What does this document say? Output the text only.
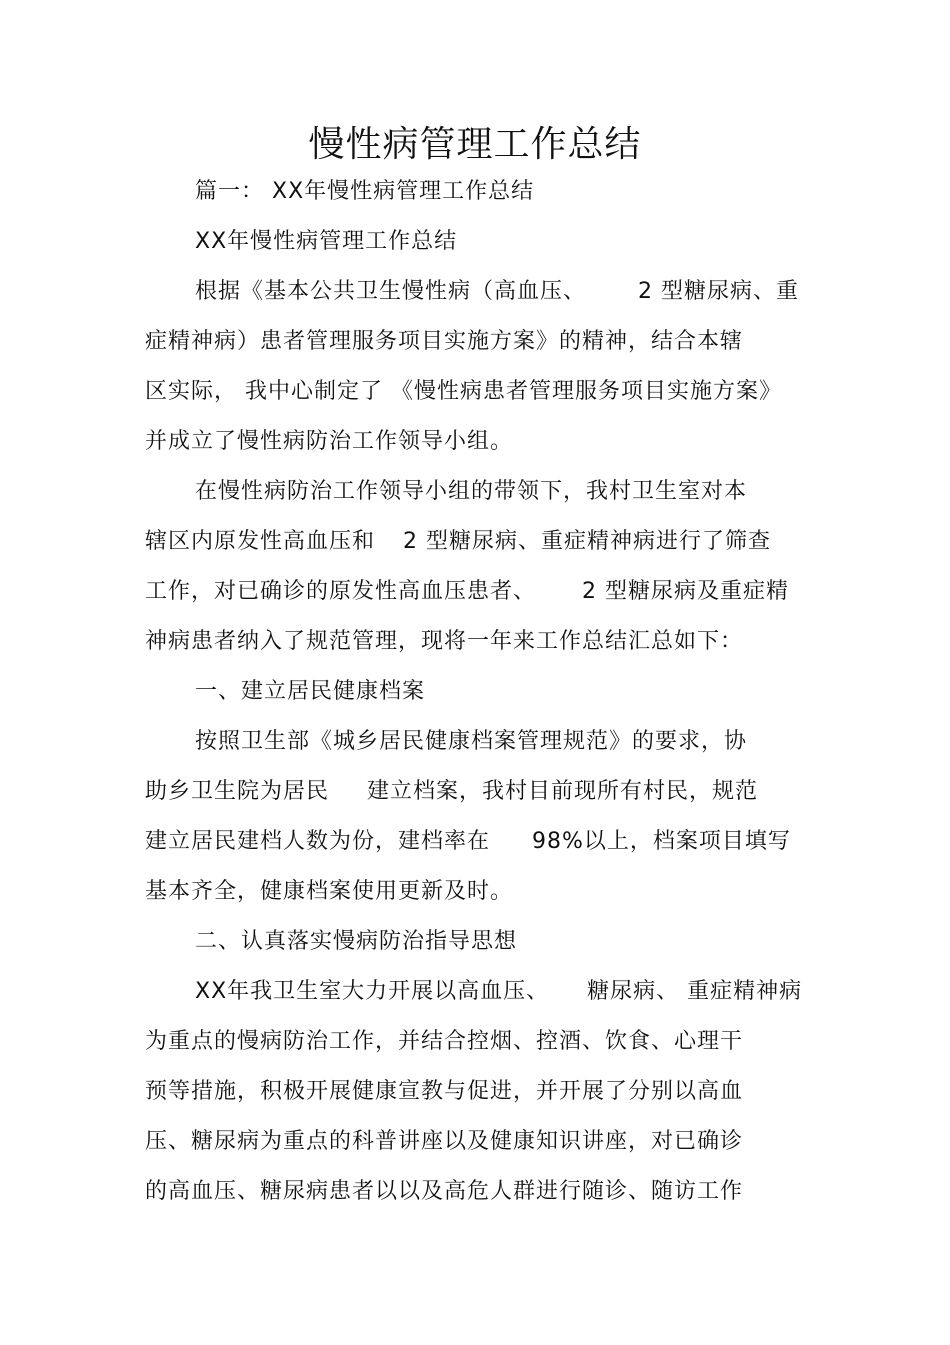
慢性病管理工作总结

篇一： XX年慢性病管理工作总结

XX年慢性病管理工作总结

根据《基本公共卫生慢性病（高血压、 2 型糖尿病、重

症精神病）患者管理服务项目实施方案》的精神，结合本辖

区实际， 我中心制定了 《慢性病患者管理服务项目实施方案》

并成立了慢性病防治工作领导小组。

在慢性病防治工作领导小组的带领下，我村卫生室对本

辖区内原发性高血压和 2 型糖尿病、重症精神病进行了筛查

工作，对已确诊的原发性高血压患者、 2 型糖尿病及重症精

神病患者纳入了规范管理，现将一年来工作总结汇总如下：

一、建立居民健康档案

按照卫生部《城乡居民健康档案管理规范》的要求，协

助乡卫生院为居民 建立档案，我村目前现所有村民，规范

建立居民建档人数为份，建档率在 98%以上，档案项目填写

基本齐全，健康档案使用更新及时。

二、认真落实慢病防治指导思想

XX年我卫生室大力开展以高血压、 糖尿病、 重症精神病

为重点的慢病防治工作，并结合控烟、控酒、饮食、心理干

预等措施，积极开展健康宣教与促进，并开展了分别以高血

压、糖尿病为重点的科普讲座以及健康知识讲座，对已确诊

的高血压、糖尿病患者以以及高危人群进行随诊、随访工作
